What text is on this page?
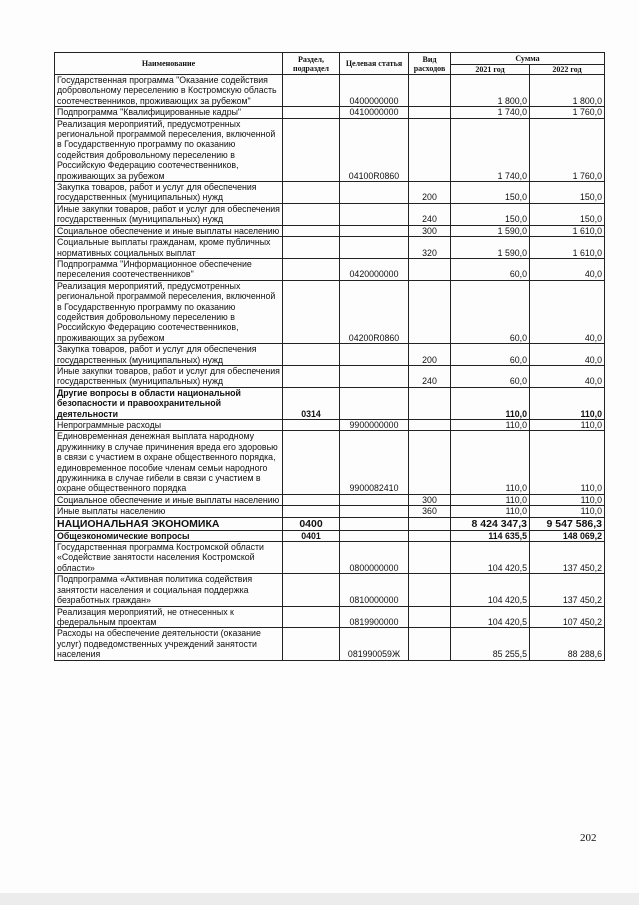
Наименование	Раздел, подраздел	Целевая статья	Вид расходов	Сумма	
				2021 год	2022 год
Государственная программа "Оказание содействия добровольному переселению в Костромскую область соотечественников, проживающих за рубежом"		0400000000		1 800,0	1 800,0
Подпрограмма "Квалифицированные кадры"		0410000000		1 740,0	1 760,0
Реализация мероприятий, предусмотренных региональной программой переселения, включенной в Государственную программу по оказанию содействия добровольному переселению в Российскую Федерацию соотечественников, проживающих за рубежом		04100R0860		1 740,0	1 760,0
Закупка товаров, работ и услуг для обеспечения государственных (муниципальных) нужд			200	150,0	150,0
Иные закупки товаров, работ и услуг для обеспечения государственных (муниципальных) нужд			240	150,0	150,0
Социальное обеспечение и иные выплаты населению			300	1 590,0	1 610,0
Социальные выплаты гражданам, кроме публичных нормативных социальных выплат			320	1 590,0	1 610,0
Подпрограмма "Информационное обеспечение переселения соотечественников"		0420000000		60,0	40,0
Реализация мероприятий, предусмотренных региональной программой переселения, включенной в Государственную программу по оказанию содействия добровольному переселению в Российскую Федерацию соотечественников, проживающих за рубежом		04200R0860		60,0	40,0
Закупка товаров, работ и услуг для обеспечения государственных (муниципальных) нужд			200	60,0	40,0
Иные закупки товаров, работ и услуг для обеспечения государственных (муниципальных) нужд			240	60,0	40,0
Другие вопросы в области национальной безопасности и правоохранительной деятельности	0314			110,0	110,0
Непрограммные расходы		9900000000		110,0	110,0
Единовременная денежная выплата народному дружиннику в случае причинения вреда его здоровью в связи с участием в охране общественного порядка, единовременное пособие членам семьи народного дружинника в случае гибели в связи с участием в охране общественного порядка		9900082410		110,0	110,0
Социальное обеспечение и иные выплаты населению			300	110,0	110,0
Иные выплаты населению			360	110,0	110,0
НАЦИОНАЛЬНАЯ ЭКОНОМИКА	0400			8 424 347,3	9 547 586,3
Общеэкономические вопросы	0401			114 635,5	148 069,2
Государственная программа Костромской области «Содействие занятости населения Костромской области»		0800000000		104 420,5	137 450,2
Подпрограмма «Активная политика содействия занятости населения и социальная поддержка безработных граждан»		0810000000		104 420,5	137 450,2
Реализация мероприятий, не отнесенных к федеральным проектам		0819900000		104 420,5	107 450,2
Расходы на обеспечение деятельности (оказание услуг) подведомственных учреждений занятости населения		081990059Ж		85 255,5	88 288,6
202
